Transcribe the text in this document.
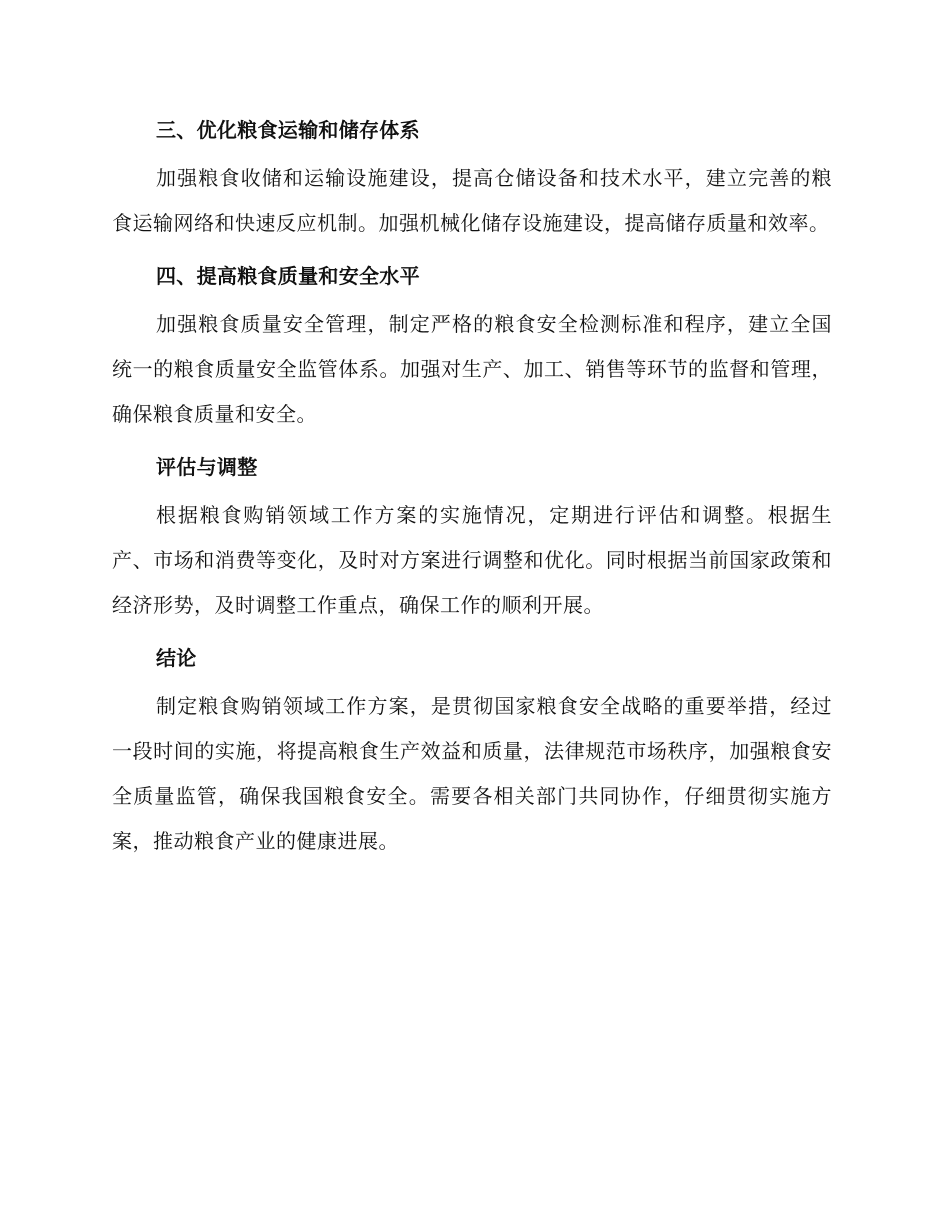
三、优化粮食运输和储存体系

加强粮食收储和运输设施建设，提高仓储设备和技术水平，建立完善的粮食运输网络和快速反应机制。加强机械化储存设施建设，提高储存质量和效率。

四、提高粮食质量和安全水平

加强粮食质量安全管理，制定严格的粮食安全检测标准和程序，建立全国统一的粮食质量安全监管体系。加强对生产、加工、销售等环节的监督和管理，确保粮食质量和安全。

评估与调整

根据粮食购销领域工作方案的实施情况，定期进行评估和调整。根据生产、市场和消费等变化，及时对方案进行调整和优化。同时根据当前国家政策和经济形势，及时调整工作重点，确保工作的顺利开展。

结论

制定粮食购销领域工作方案，是贯彻国家粮食安全战略的重要举措，经过一段时间的实施，将提高粮食生产效益和质量，法律规范市场秩序，加强粮食安全质量监管，确保我国粮食安全。需要各相关部门共同协作，仔细贯彻实施方案，推动粮食产业的健康进展。
